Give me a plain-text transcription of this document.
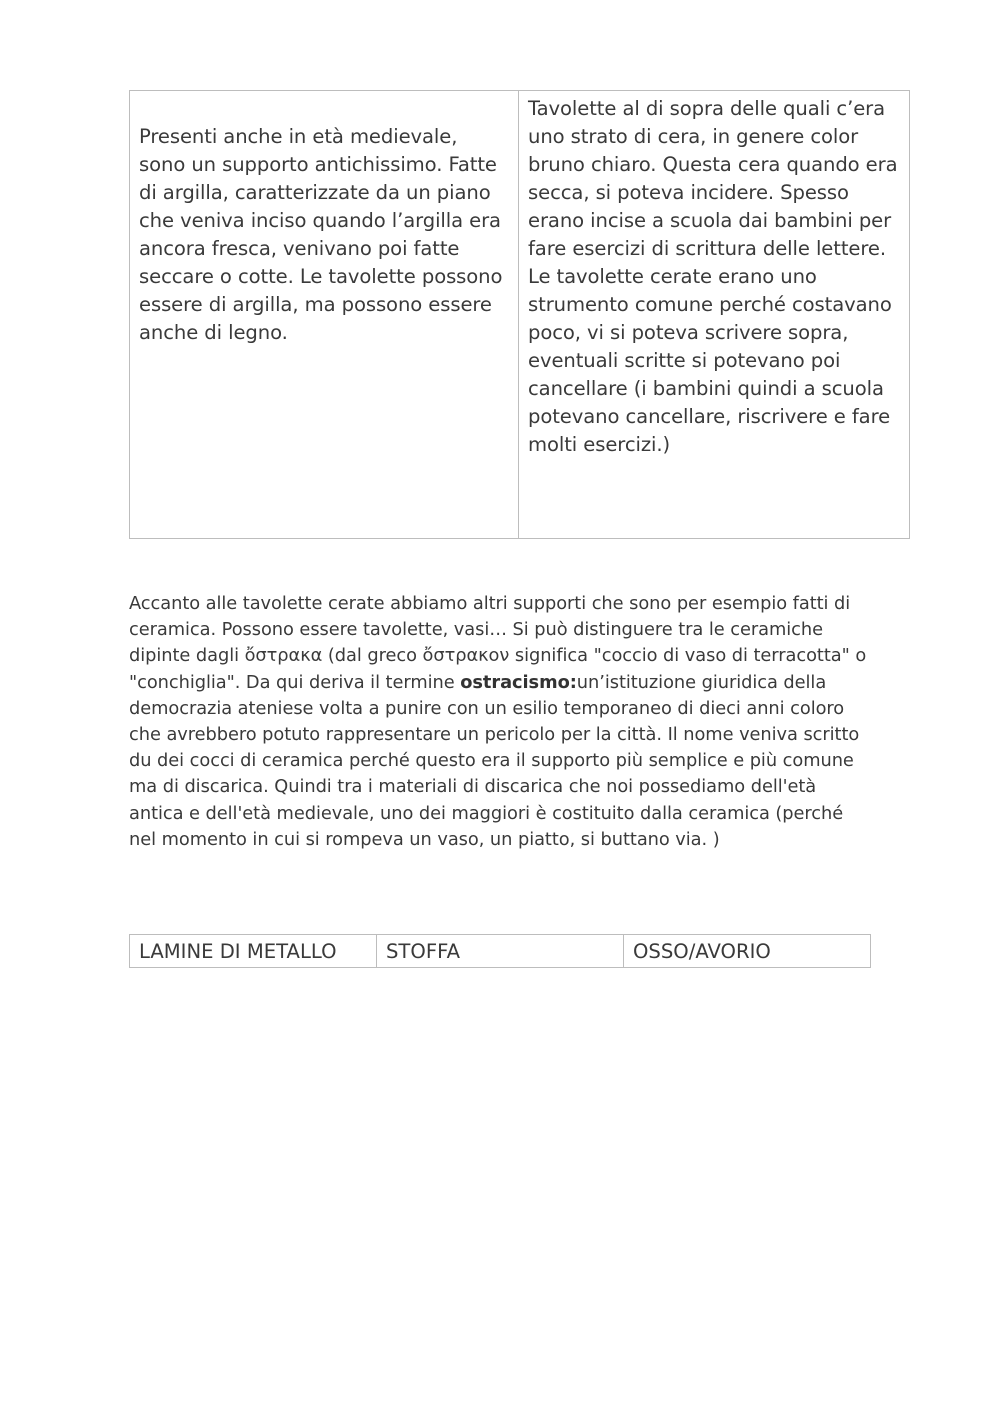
Presenti anche in età medievale, sono un supporto antichissimo. Fatte di argilla, caratterizzate da un piano che veniva inciso quando l’argilla era ancora fresca, venivano poi fatte seccare o cotte. Le tavolette possono essere di argilla, ma possono essere anche di legno.
	Tavolette al di sopra delle quali c’era uno strato di cera, in genere color bruno chiaro. Questa cera quando era secca, si poteva incidere. Spesso erano incise a scuola dai bambini per fare esercizi di scrittura delle lettere.
Le tavolette cerate erano uno strumento comune perché costavano poco, vi si poteva scrivere sopra, eventuali scritte si potevano poi cancellare (i bambini quindi a scuola potevano cancellare, riscrivere e fare molti esercizi.)

Accanto alle tavolette cerate abbiamo altri supporti che sono per esempio fatti di ceramica. Possono essere tavolette, vasi… Si può distinguere tra le ceramiche dipinte dagli ὄστρακα (dal greco ὄστρακον significa "coccio di vaso di terracotta" o "conchiglia". Da qui deriva il termine ostracismo:un’istituzione giuridica della democrazia ateniese volta a punire con un esilio temporaneo di dieci anni coloro che avrebbero potuto rappresentare un pericolo per la città. Il nome veniva scritto du dei cocci di ceramica perché questo era il supporto più semplice e più comune ma di discarica. Quindi tra i materiali di discarica che noi possediamo dell'età antica e dell'età medievale, uno dei maggiori è costituito dalla ceramica (perché nel momento in cui si rompeva un vaso, un piatto, si buttano via. )

LAMINE DI METALLO	STOFFA	OSSO/AVORIO
